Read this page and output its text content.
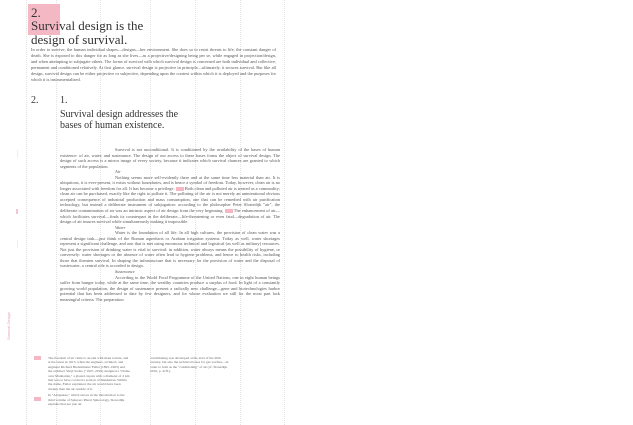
2.
Survival design is the design of survival.
In order to survive, the human individual shapes—designs—her environment. She does so to resist threats to life, the constant danger of death. She is exposed to this danger for as long as she lives—as a projective/designing being per se, while engaged in projection/design, and when attempting to subjugate others. The forms of survival with which survival design is concerned are both individual and collective, permanent and conditioned relatively. At first glance, survival design is projective in principle—ultimately, it secures survival. But like all design, survival design can be either projective or subjective, depending upon the context within which it is deployed and the purposes for which it is instrumentalized.
2. 1.
Survival design addresses the bases of human existence.

Survival is not unconditional. It is conditioned by the availability of the bases of human existence: of air, water, and sustenance. The design of our access to these bases forms the object of survival design. The design of such access is a mirror image of every society, because it indicates which survival chances are granted to which segments of the population.

Air

Nothing seems more self-evidently there and at the same time less material than air. It is ubiquitous, it is ever-present, it exists without boundaries, and is hence a symbol of freedom. Today, however, clean air is no longer associated with freedom for all. It has become a privilege. Both clean and polluted air is treated as a commodity; clean air can be purchased, exactly like the right to pollute it. The polluting of the air is not merely an unintentional obvious accepted consequence of industrial production and mass consumption, one that can be remedied with air purification technology, but instead a deliberate instrument of subjugation: according to the philosopher Peter Sloterdijk "air", the deliberate contamination of air was an intrinsic aspect of air design from the very beginning. The enhancement of air—which facilitates survival—finds its counterpart in the deliberate—life-threatening or even fatal—degradation of air. The design of air insures survival while simultaneously making it impossible.

Water

Water is the foundation of all life. In all high cultures, the provision of clean water was a central design task—just think of the Roman aqueducts or Arabian irrigation systems. Today as well, water shortages represent a significant challenge, and one that is met using enormous technical and logistical (as well as military) resources. Not just the provision of drinking water is vital to survival: in addition, water always means the possibility of hygiene, or conversely: water shortages or the absence of water often lead to hygiene problems, and hence to health risks, including those that threaten survival. In shaping the infrastructure that is necessary for the provision of water and the disposal of wastewater, a central role is accorded to design.

Sustenance

According to the World Food Programme of the United Nations, one in eight human beings suffer from hunger today, while at the same time, the wealthy countries produce a surplus of food. In light of a constantly growing world population, the design of sustenance present a radically new challenge—gene and biotechnologies harbor potential that has been addressed to date by few designers, and for whose evaluation we still for the most part lack meaningful criteria. The preparation

Survival Design

The freedom of air came to an end with mass torture, and at the latest in 1915, when the engineer, architect, and engineer Richard Buckminster Fuller (1895–1983) and the architect Shoji Sadao ("1927–2019) designed a "Dome over Manhattan," a glazed cupola with a diameter of 2 km that was to have covered a section of Manhattan. Within the dome, Fuller explained, the air would have been cleaner than the air outside of it.

In "Airquakes," which serves as the introduction to the third volume of Spheres: Plural Spherology, Sloterdijk explains that not just air

conditioning was developed at the start of the 20th century, but also the technical bases for gas warfare—in order to both as the "conditioning" of air (cf. Sloterdijk 2016, p. 41ff.).
